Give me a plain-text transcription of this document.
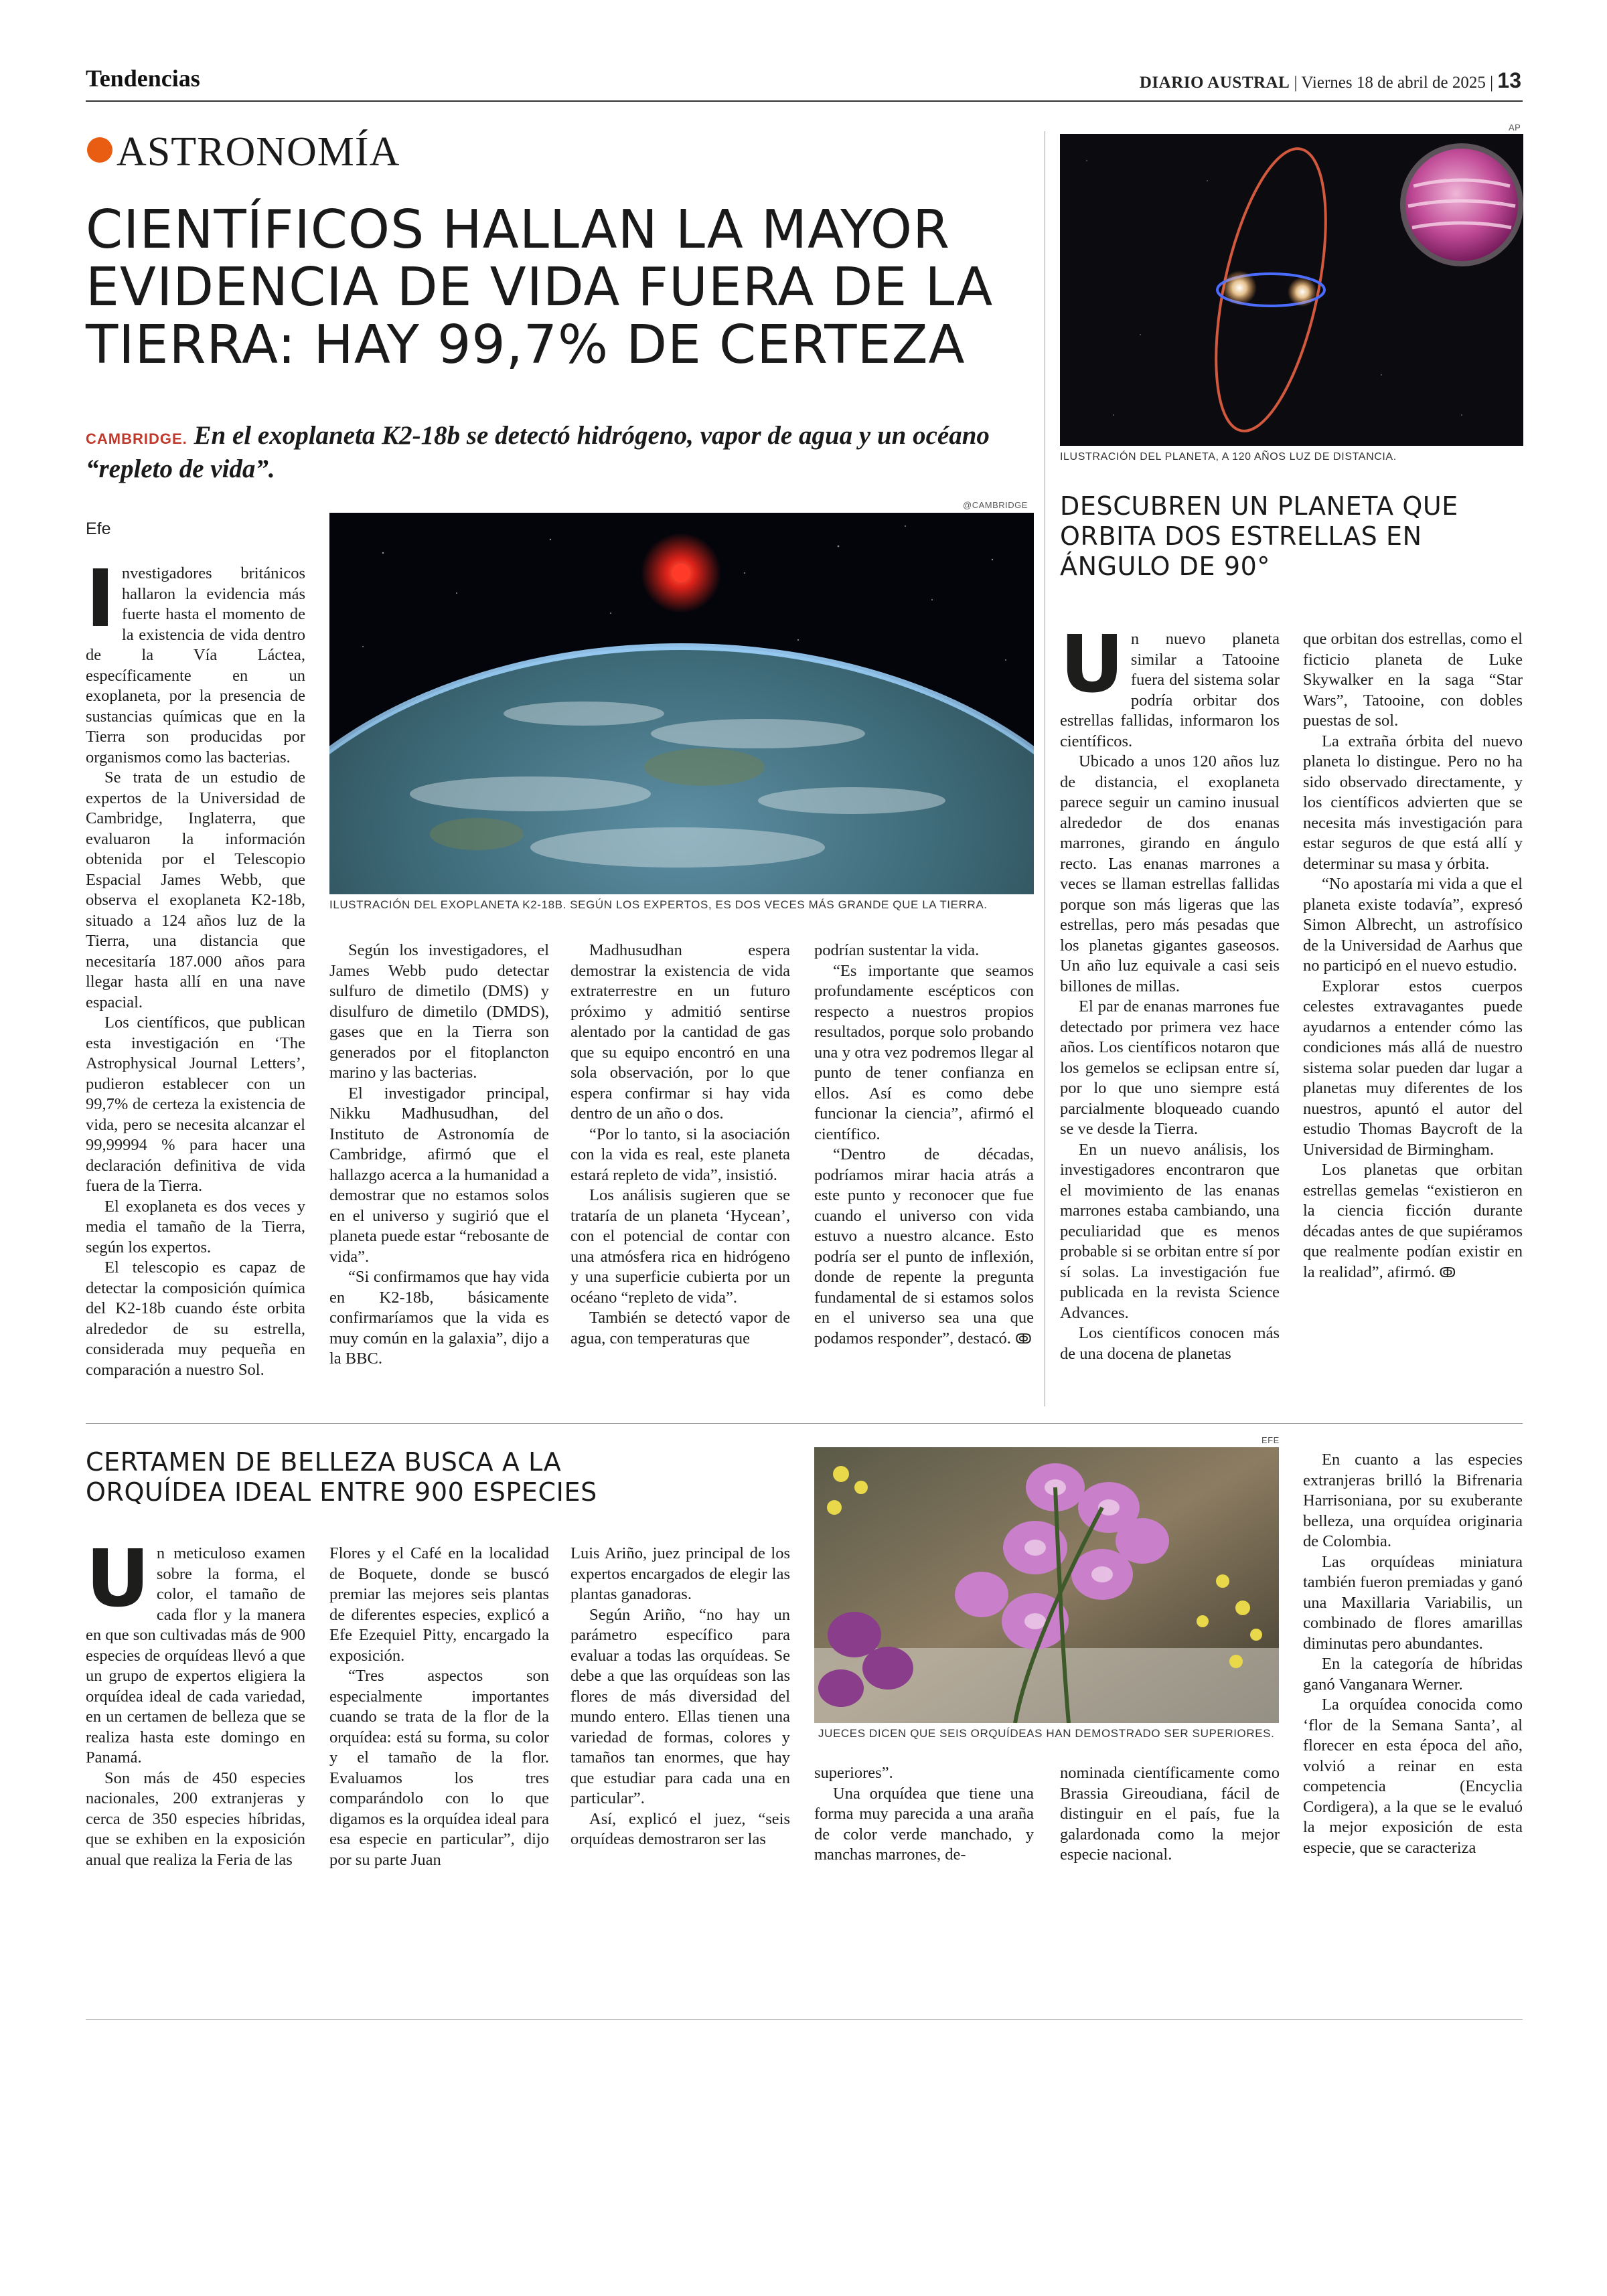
Tendencias	DIARIO AUSTRAL | Viernes 18 de abril de 2025 | 13
ASTRONOMÍA
CIENTÍFICOS HALLAN LA MAYOR EVIDENCIA DE VIDA FUERA DE LA TIERRA: HAY 99,7% DE CERTEZA
CAMBRIDGE. En el exoplaneta K2-18b se detectó hidrógeno, vapor de agua y un océano “repleto de vida”.
Efe
@CAMBRIDGE
ILUSTRACIÓN DEL EXOPLANETA K2-18B. SEGÚN LOS EXPERTOS, ES DOS VECES MÁS GRANDE QUE LA TIERRA.

Investigadores británicos hallaron la evidencia más fuerte hasta el momento de la existencia de vida dentro de la Vía Láctea, específicamente en un exoplaneta, por la presencia de sustancias químicas que en la Tierra son producidas por organismos como las bacterias.

Se trata de un estudio de expertos de la Universidad de Cambridge, Inglaterra, que evaluaron la información obtenida por el Telescopio Espacial James Webb, que observa el exoplaneta K2-18b, situado a 124 años luz de la Tierra, una distancia que necesitaría 187.000 años para llegar hasta allí en una nave espacial.

Los científicos, que publican esta investigación en ‘The Astrophysical Journal Letters’, pudieron establecer con un 99,7% de certeza la existencia de vida, pero se necesita alcanzar el 99,99994 % para hacer una declaración definitiva de vida fuera de la Tierra.

El exoplaneta es dos veces y media el tamaño de la Tierra, según los expertos.

El telescopio es capaz de detectar la composición química del K2-18b cuando éste orbita alrededor de su estrella, considerada muy pequeña en comparación a nuestro Sol.

Según los investigadores, el James Webb pudo detectar sulfuro de dimetilo (DMS) y disulfuro de dimetilo (DMDS), gases que en la Tierra son generados por el fitoplancton marino y las bacterias.

El investigador principal, Nikku Madhusudhan, del Instituto de Astronomía de Cambridge, afirmó que el hallazgo acerca a la humanidad a demostrar que no estamos solos en el universo y sugirió que el planeta puede estar “rebosante de vida”.

“Si confirmamos que hay vida en K2-18b, básicamente confirmaríamos que la vida es muy común en la galaxia”, dijo a la BBC.

Madhusudhan espera demostrar la existencia de vida extraterrestre en un futuro próximo y admitió sentirse alentado por la cantidad de gas que su equipo encontró en una sola observación, por lo que espera confirmar si hay vida dentro de un año o dos.

“Por lo tanto, si la asociación con la vida es real, este planeta estará repleto de vida”, insistió.

Los análisis sugieren que se trataría de un planeta ‘Hycean’, con el potencial de contar con una atmósfera rica en hidrógeno y una superficie cubierta por un océano “repleto de vida”.

También se detectó vapor de agua, con temperaturas que

podrían sustentar la vida.

“Es importante que seamos profundamente escépticos con respecto a nuestros propios resultados, porque solo probando una y otra vez podremos llegar al punto de tener confianza en ellos. Así es como debe funcionar la ciencia”, afirmó el científico.

“Dentro de décadas, podríamos mirar hacia atrás a este punto y reconocer que fue cuando el universo con vida estuvo a nuestro alcance. Esto podría ser el punto de inflexión, donde de repente la pregunta fundamental de si estamos solos en el universo sea una que podamos responder”, destacó. ↂ

AP
ILUSTRACIÓN DEL PLANETA, A 120 AÑOS LUZ DE DISTANCIA.
DESCUBREN UN PLANETA QUE ORBITA DOS ESTRELLAS EN ÁNGULO DE 90°

Un nuevo planeta similar a Tatooine fuera del sistema solar podría orbitar dos estrellas fallidas, informaron los científicos.

Ubicado a unos 120 años luz de distancia, el exoplaneta parece seguir un camino inusual alrededor de dos enanas marrones, girando en ángulo recto. Las enanas marrones a veces se llaman estrellas fallidas porque son más ligeras que las estrellas, pero más pesadas que los planetas gigantes gaseosos. Un año luz equivale a casi seis billones de millas.

El par de enanas marrones fue detectado por primera vez hace años. Los científicos notaron que los gemelos se eclipsan entre sí, por lo que uno siempre está parcialmente bloqueado cuando se ve desde la Tierra.

En un nuevo análisis, los investigadores encontraron que el movimiento de las enanas marrones estaba cambiando, una peculiaridad que es menos probable si se orbitan entre sí por sí solas. La investigación fue publicada en la revista Science Advances.

Los científicos conocen más de una docena de planetas

que orbitan dos estrellas, como el ficticio planeta de Luke Skywalker en la saga “Star Wars”, Tatooine, con dobles puestas de sol.

La extraña órbita del nuevo planeta lo distingue. Pero no ha sido observado directamente, y los científicos advierten que se necesita más investigación para estar seguros de que está allí y determinar su masa y órbita.

“No apostaría mi vida a que el planeta existe todavía”, expresó Simon Albrecht, un astrofísico de la Universidad de Aarhus que no participó en el nuevo estudio.

Explorar estos cuerpos celestes extravagantes puede ayudarnos a entender cómo las condiciones más allá de nuestro sistema solar pueden dar lugar a planetas muy diferentes de los nuestros, apuntó el autor del estudio Thomas Baycroft de la Universidad de Birmingham.

Los planetas que orbitan estrellas gemelas “existieron en la ciencia ficción durante décadas antes de que supiéramos que realmente podían existir en la realidad”, afirmó. ↂ

CERTAMEN DE BELLEZA BUSCA A LA ORQUÍDEA IDEAL ENTRE 900 ESPECIES

Un meticuloso examen sobre la forma, el color, el tamaño de cada flor y la manera en que son cultivadas más de 900 especies de orquídeas llevó a que un grupo de expertos eligiera la orquídea ideal de cada variedad, en un certamen de belleza que se realiza hasta este domingo en Panamá.

Son más de 450 especies nacionales, 200 extranjeras y cerca de 350 especies híbridas, que se exhiben en la exposición anual que realiza la Feria de las

Flores y el Café en la localidad de Boquete, donde se buscó premiar las mejores seis plantas de diferentes especies, explicó a Efe Ezequiel Pitty, encargado la exposición.

“Tres aspectos son especialmente importantes cuando se trata de la flor de la orquídea: está su forma, su color y el tamaño de la flor. Evaluamos los tres comparándolo con lo que digamos es la orquídea ideal para esa especie en particular”, dijo por su parte Juan

Luis Ariño, juez principal de los expertos encargados de elegir las plantas ganadoras.

Según Ariño, “no hay un parámetro específico para evaluar a todas las orquídeas. Se debe a que las orquídeas son las flores de más diversidad del mundo entero. Ellas tienen una variedad de formas, colores y tamaños tan enormes, que hay que estudiar para cada una en particular”.

Así, explicó el juez, “seis orquídeas demostraron ser las

EFE
JUECES DICEN QUE SEIS ORQUÍDEAS HAN DEMOSTRADO SER SUPERIORES.

superiores”.

Una orquídea que tiene una forma muy parecida a una araña de color verde manchado, y manchas marrones, de-

nominada científicamente como Brassia Gireoudiana, fácil de distinguir en el país, fue la galardonada como la mejor especie nacional.

En cuanto a las especies extranjeras brilló la Bifrenaria Harrisoniana, por su exuberante belleza, una orquídea originaria de Colombia.

Las orquídeas miniatura también fueron premiadas y ganó una Maxillaria Variabilis, un combinado de flores amarillas diminutas pero abundantes.

En la categoría de híbridas ganó Vanganara Werner.

La orquídea conocida como ‘flor de la Semana Santa’, al florecer en esta época del año, volvió a reinar en esta competencia (Encyclia Cordigera), a la que se le evaluó la mejor exposición de esta especie, que se caracteriza
